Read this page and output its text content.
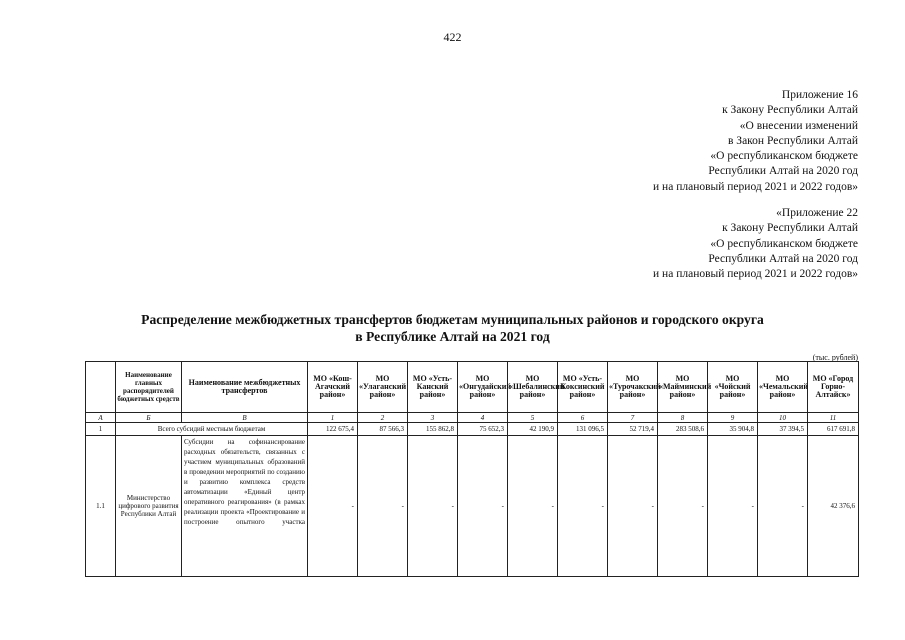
422
Приложение 16
к Закону Республики Алтай
«О внесении изменений
в Закон Республики Алтай
«О республиканском бюджете
Республики Алтай на 2020 год
и на плановый период 2021 и 2022 годов»
«Приложение 22
к Закону Республики Алтай
«О республиканском бюджете
Республики Алтай на 2020 год
и на плановый период 2021 и 2022 годов»
Распределение межбюджетных трансфертов бюджетам муниципальных районов и городского округа
в Республике Алтай на 2021 год
(тыс. рублей)
	Наименование главных распорядителей бюджетных средств	Наименование межбюджетных трансфертов	МО «Кош-Агачский район»	МО «Улаганский район»	МО «Усть-Канский район»	МО «Онгудайский район»	МО «Шебалинский район»	МО «Усть-Коксинский район»	МО «Турочакский район»	МО «Майминский район»	МО «Чойский район»	МО «Чемальский район»	МО «Город Горно-Алтайск»
А	Б	В	1	2	3	4	5	6	7	8	9	10	11
1	Всего субсидий местным бюджетам		122 675,4	87 566,3	155 862,8	75 652,3	42 190,9	131 096,5	52 719,4	283 508,6	35 904,8	37 394,5	617 691,8
1.1	Министерство цифрового развития Республики Алтай	Субсидии на софинансирование расходных обязательств, связанных с участием муниципальных образований в проведении мероприятий по созданию и развитию комплекса средств автоматизации «Единый центр оперативного реагирования» (в рамках реализации проекта «Проектирование и построение опытного участка	-	-	-	-	-	-	-	-	-	-	42 376,6
